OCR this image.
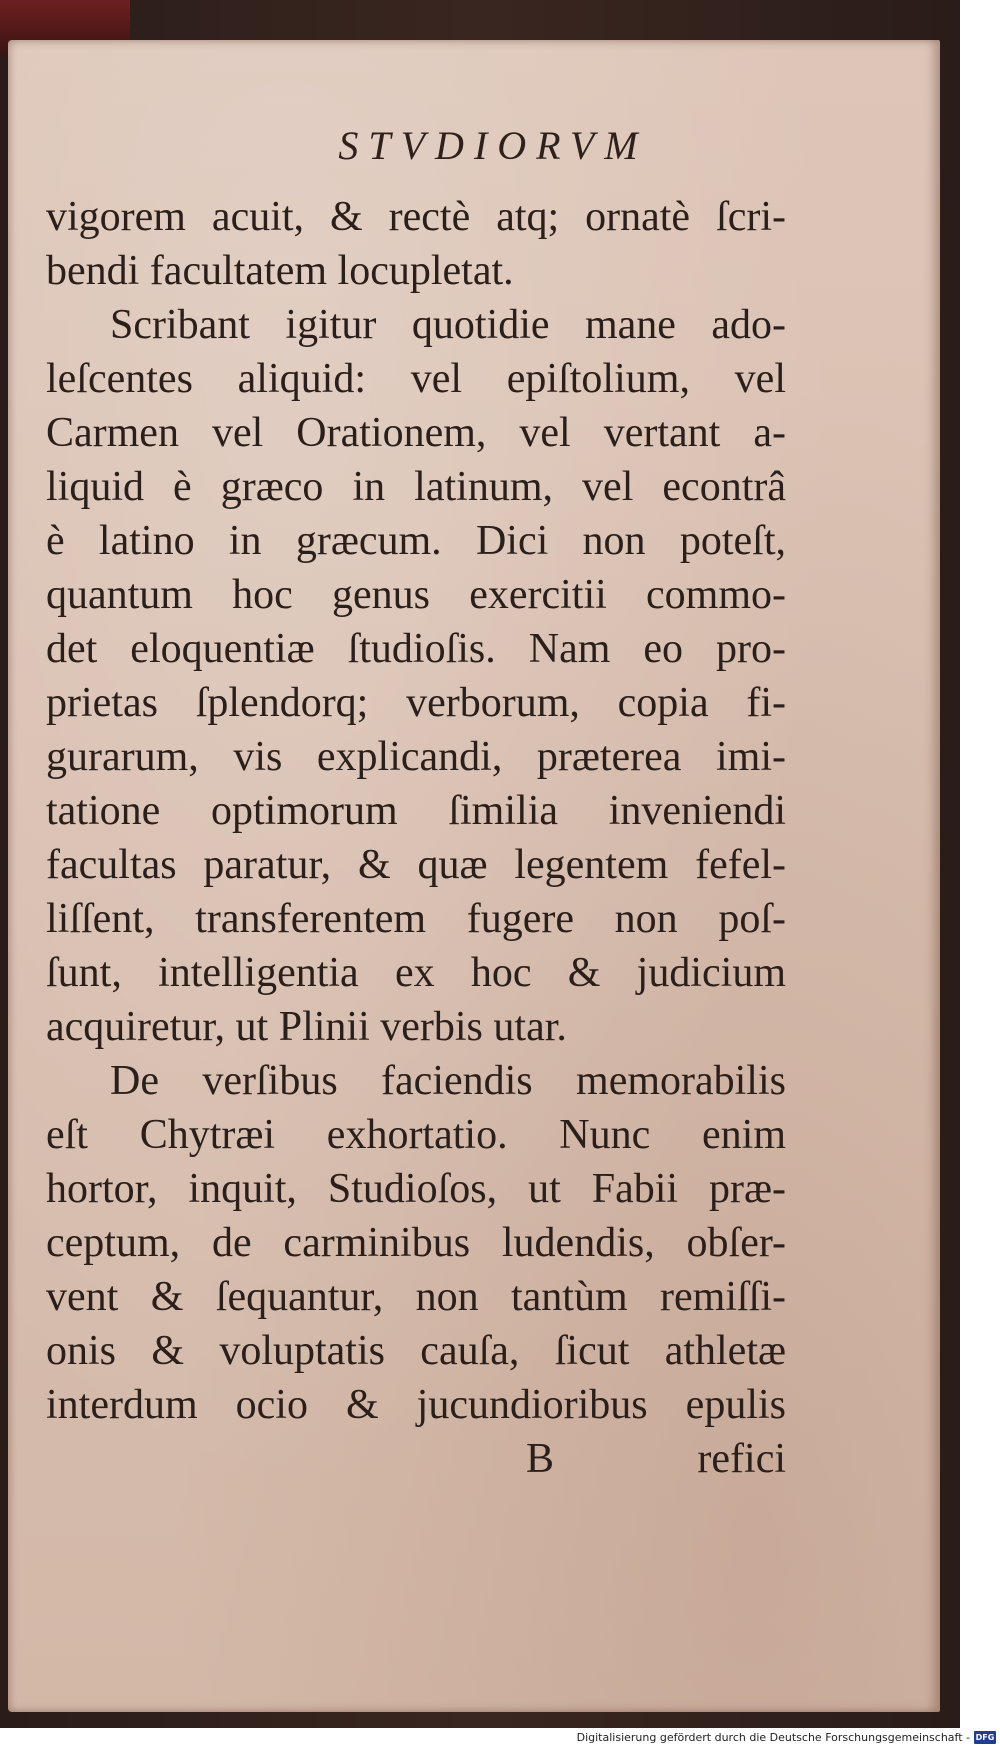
STVDIORVM
vigorem acuit, & rectè atq; ornatè ſcri-
bendi facultatem locupletat.
Scribant igitur quotidie mane ado-
leſcentes aliquid: vel epiſtolium, vel
Carmen vel Orationem, vel vertant a-
liquid è græco in latinum, vel econtrâ
è latino in græcum. Dici non poteſt,
quantum hoc genus exercitii commo-
det eloquentiæ ſtudioſis. Nam eo pro-
prietas ſplendorq; verborum, copia fi-
gurarum, vis explicandi, præterea imi-
tatione optimorum ſimilia inveniendi
facultas paratur, & quæ legentem fefel-
liſſent, transferentem fugere non poſ-
ſunt, intelligentia ex hoc & judicium
acquiretur, ut Plinii verbis utar.
De verſibus faciendis memorabilis
eſt Chytræi exhortatio. Nunc enim
hortor, inquit, Studioſos, ut Fabii præ-
ceptum, de carminibus ludendis, obſer-
vent & ſequantur, non tantùm remiſſi-
onis & voluptatis cauſa, ſicut athletæ
interdum ocio & jucundioribus epulis
B	refici
Digitalisierung gefördert durch die Deutsche Forschungsgemeinschaft - DFG
